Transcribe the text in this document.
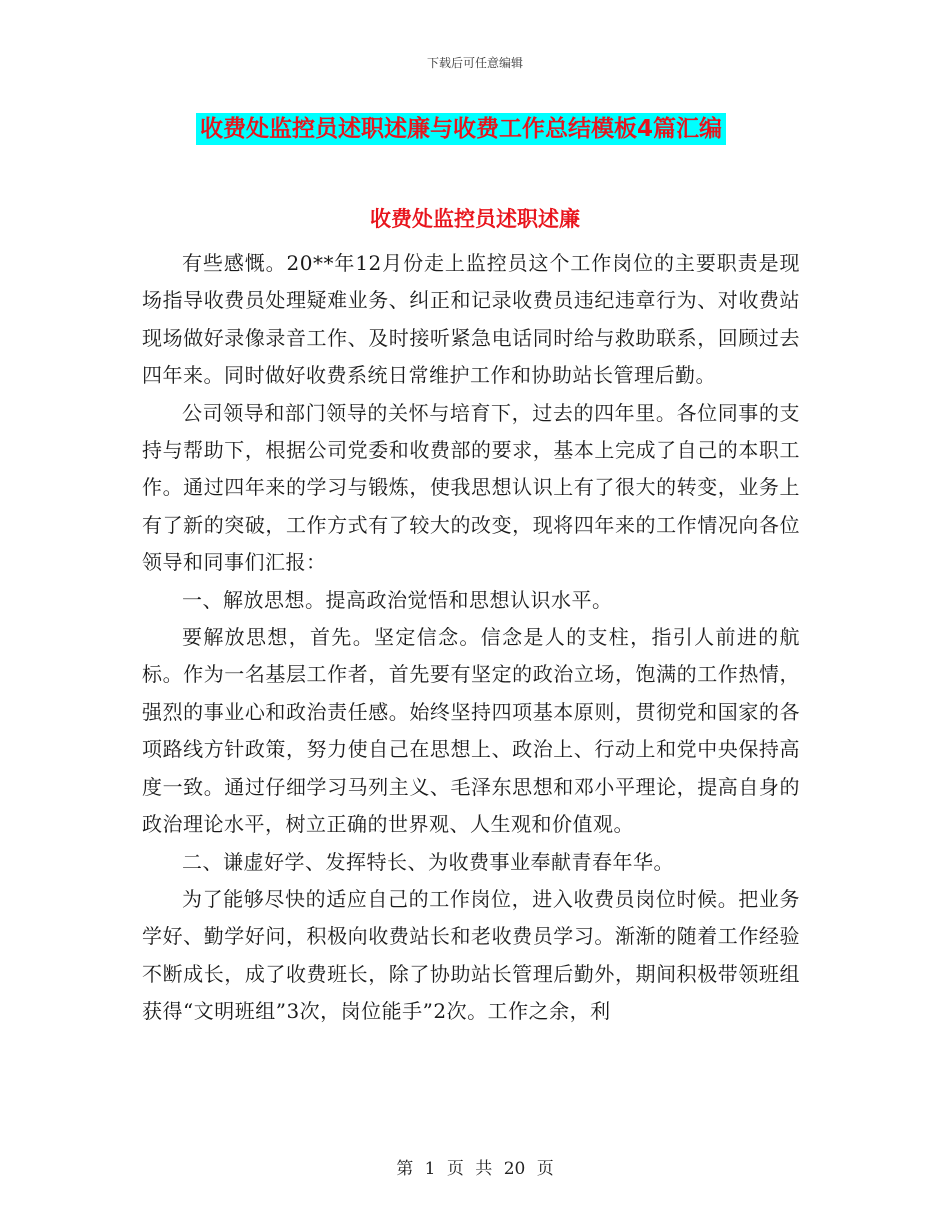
下载后可任意编辑
收费处监控员述职述廉与收费工作总结模板4篇汇编
收费处监控员述职述廉

有些感慨。20**年12月份走上监控员这个工作岗位的主要职责是现场指导收费员处理疑难业务、纠正和记录收费员违纪违章行为、对收费站现场做好录像录音工作、及时接听紧急电话同时给与救助联系，回顾过去四年来。同时做好收费系统日常维护工作和协助站长管理后勤。

公司领导和部门领导的关怀与培育下，过去的四年里。各位同事的支持与帮助下，根据公司党委和收费部的要求，基本上完成了自己的本职工作。通过四年来的学习与锻炼，使我思想认识上有了很大的转变，业务上有了新的突破，工作方式有了较大的改变，现将四年来的工作情况向各位领导和同事们汇报：

一、解放思想。提高政治觉悟和思想认识水平。

要解放思想，首先。坚定信念。信念是人的支柱，指引人前进的航标。作为一名基层工作者，首先要有坚定的政治立场，饱满的工作热情，强烈的事业心和政治责任感。始终坚持四项基本原则，贯彻党和国家的各项路线方针政策，努力使自己在思想上、政治上、行动上和党中央保持高度一致。通过仔细学习马列主义、毛泽东思想和邓小平理论，提高自身的政治理论水平，树立正确的世界观、人生观和价值观。

二、谦虚好学、发挥特长、为收费事业奉献青春年华。

为了能够尽快的适应自己的工作岗位，进入收费员岗位时候。把业务学好、勤学好问，积极向收费站长和老收费员学习。渐渐的随着工作经验不断成长，成了收费班长，除了协助站长管理后勤外，期间积极带领班组获得“文明班组”3次，岗位能手”2次。工作之余，利

第 1 页 共 20 页
